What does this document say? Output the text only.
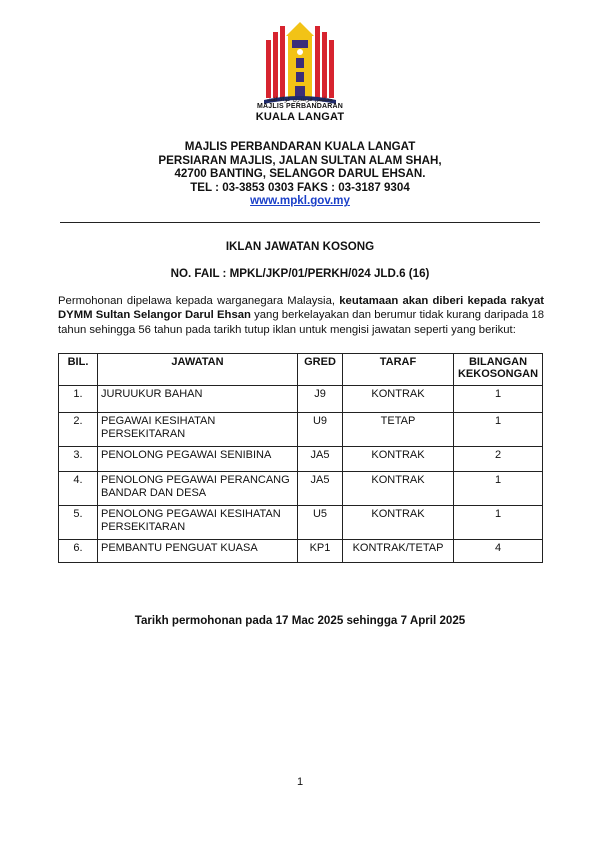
مجليس ڤربندرن کوالا لڠت
MAJLIS PERBANDARAN
KUALA LANGAT
MAJLIS PERBANDARAN KUALA LANGAT
PERSIARAN MAJLIS, JALAN SULTAN ALAM SHAH,
42700 BANTING, SELANGOR DARUL EHSAN.
TEL : 03-3853 0303 FAKS : 03-3187 9304
www.mpkl.gov.my
IKLAN JAWATAN KOSONG
NO. FAIL : MPKL/JKP/01/PERKH/024 JLD.6 (16)
Permohonan dipelawa kepada warganegara Malaysia, keutamaan akan diberi kepada rakyat DYMM Sultan Selangor Darul Ehsan yang berkelayakan dan berumur tidak kurang daripada 18 tahun sehingga 56 tahun pada tarikh tutup iklan untuk mengisi jawatan seperti yang berikut:
BIL.	JAWATAN	GRED	TARAF	BILANGAN KEKOSONGAN
1.	JURUUKUR BAHAN	J9	KONTRAK	1
2.	PEGAWAI KESIHATAN PERSEKITARAN	U9	TETAP	1
3.	PENOLONG PEGAWAI SENIBINA	JA5	KONTRAK	2
4.	PENOLONG PEGAWAI PERANCANG BANDAR DAN DESA	JA5	KONTRAK	1
5.	PENOLONG PEGAWAI KESIHATAN PERSEKITARAN	U5	KONTRAK	1
6.	PEMBANTU PENGUAT KUASA	KP1	KONTRAK/TETAP	4
Tarikh permohonan pada 17 Mac 2025 sehingga 7 April 2025
1
